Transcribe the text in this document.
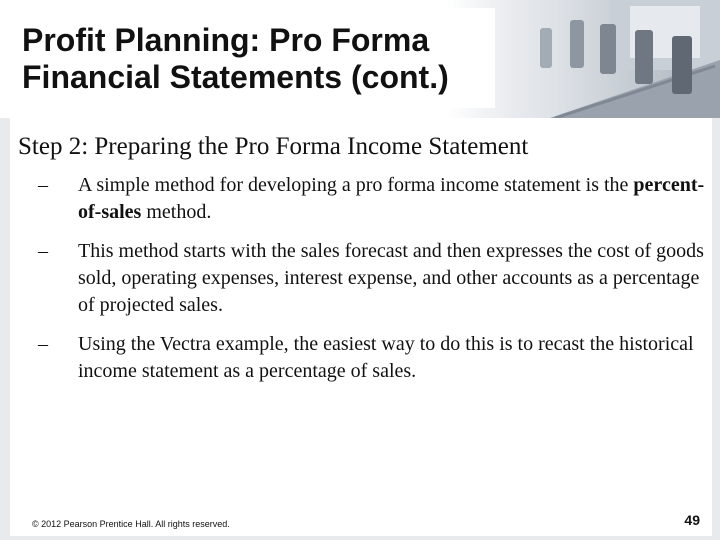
Profit Planning: Pro Forma
Financial Statements (cont.)

Step 2: Preparing the Pro Forma Income Statement

– A simple method for developing a pro forma income statement is the percent-of-sales method.
– This method starts with the sales forecast and then expresses the cost of goods sold, operating expenses, interest expense, and other accounts as a percentage of projected sales.
– Using the Vectra example, the easiest way to do this is to recast the historical income statement as a percentage of sales.
© 2012 Pearson Prentice Hall. All rights reserved.	49
